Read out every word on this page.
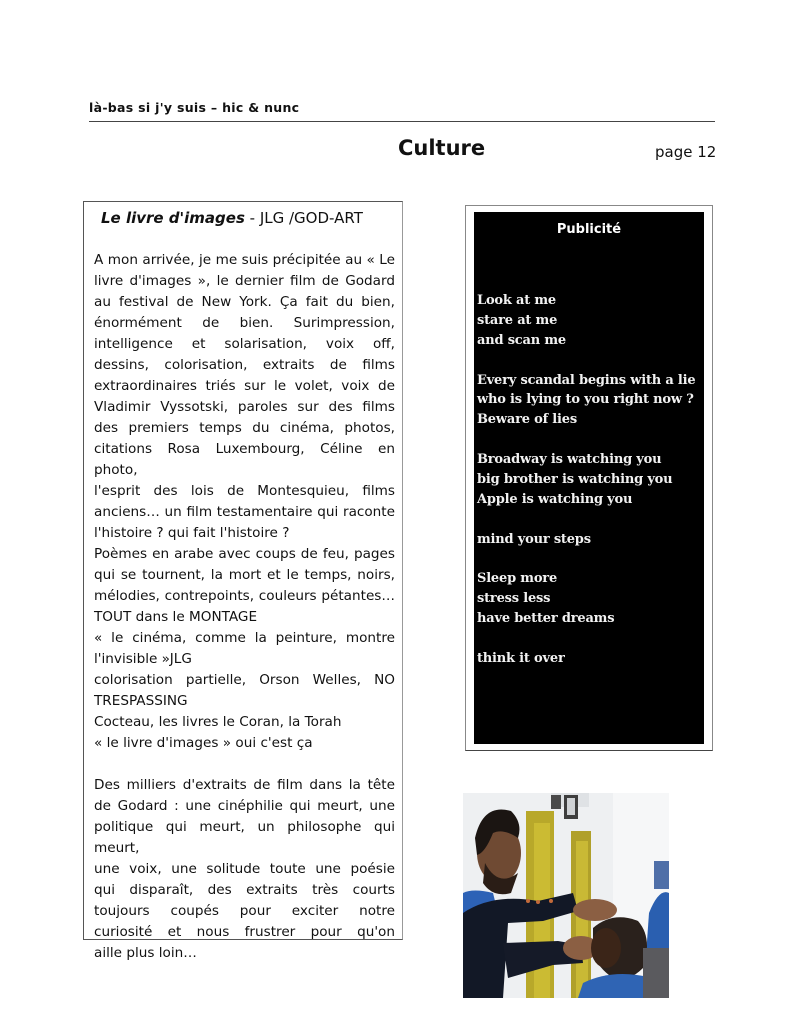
là-bas si j'y suis – hic & nunc
Culture	page 12
Le livre d'images - JLG /GOD-ART

A mon arrivée, je me suis précipitée au « Le
livre d'images », le dernier film de Godard
au festival de New York. Ça fait du bien,
énormément de bien. Surimpression,
intelligence et solarisation, voix off,
dessins, colorisation, extraits de films
extraordinaires triés sur le volet, voix de
Vladimir Vyssotski, paroles sur des films
des premiers temps du cinéma, photos,
citations Rosa Luxembourg, Céline en photo,
l'esprit des lois de Montesquieu, films
anciens… un film testamentaire qui raconte
l'histoire ? qui fait l'histoire ?
Poèmes en arabe avec coups de feu, pages
qui se tournent, la mort et le temps, noirs,
mélodies, contrepoints, couleurs pétantes…
TOUT dans le MONTAGE
« le cinéma, comme la peinture, montre
l'invisible »JLG
colorisation partielle, Orson Welles, NO
TRESPASSING
Cocteau, les livres le Coran, la Torah
« le livre d'images » oui c'est ça

Des milliers d'extraits de film dans la tête
de Godard : une cinéphilie qui meurt, une
politique qui meurt, un philosophe qui meurt,
une voix, une solitude toute une poésie
qui disparaît, des extraits très courts
toujours coupés pour exciter notre
curiosité et nous frustrer pour qu'on
aille plus loin…

Publicité
Look at me
stare at me
and scan me
Every scandal begins with a lie
who is lying to you right now ?
Beware of lies
Broadway is watching you
big brother is watching you
Apple is watching you
mind your steps
Sleep more
stress less
have better dreams
think it over
